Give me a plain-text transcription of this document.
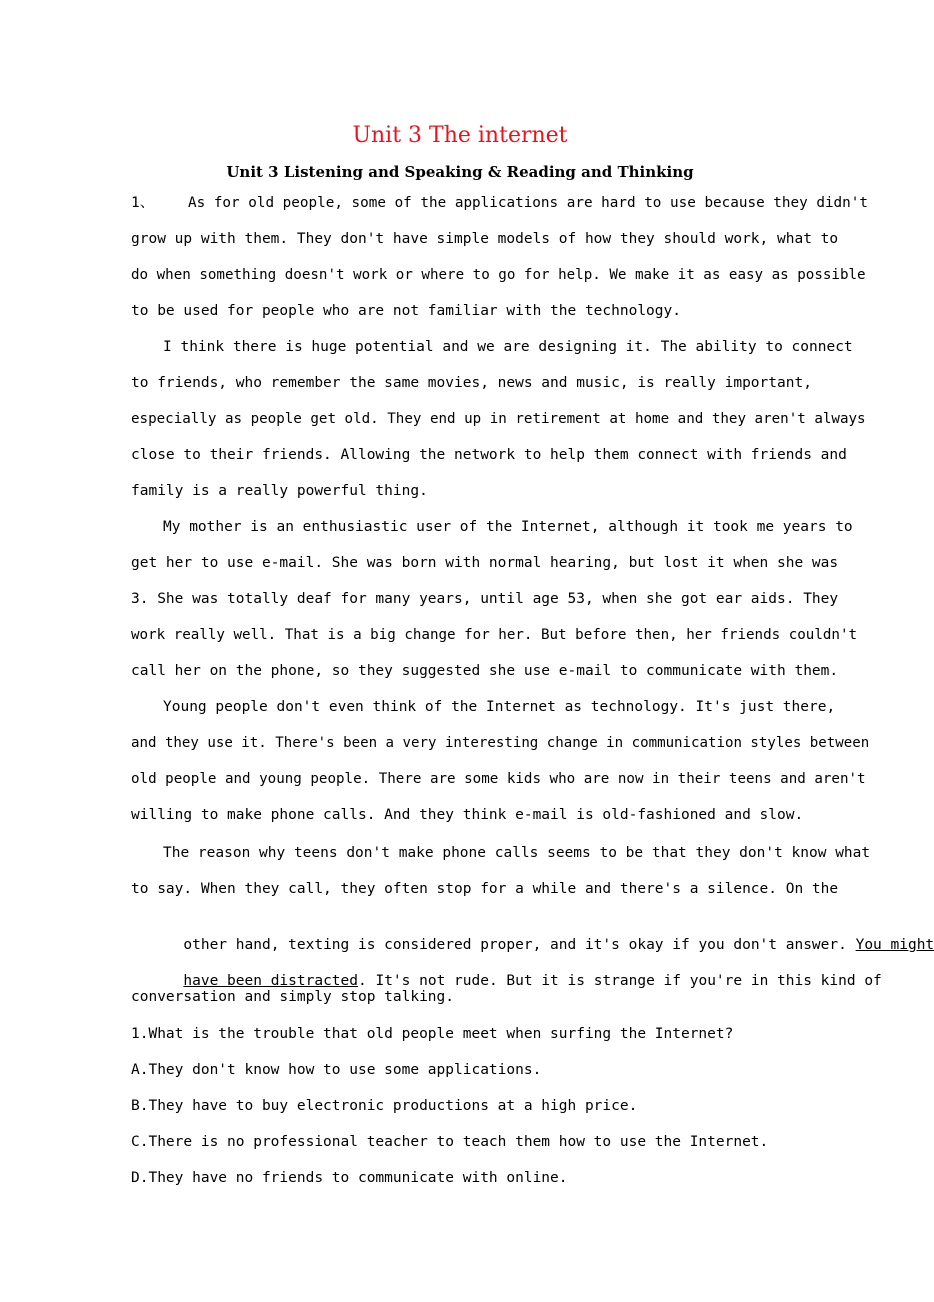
Unit 3 The internet
Unit 3 Listening and Speaking & Reading and Thinking
1、 As for old people, some of the applications are hard to use because they didn't
grow up with them. They don't have simple models of how they should work, what to
do when something doesn't work or where to go for help. We make it as easy as possible
to be used for people who are not familiar with the technology.
I think there is huge potential and we are designing it. The ability to connect
to friends, who remember the same movies, news and music, is really important,
especially as people get old. They end up in retirement at home and they aren't always
close to their friends. Allowing the network to help them connect with friends and
family is a really powerful thing.
My mother is an enthusiastic user of the Internet, although it took me years to
get her to use e-mail. She was born with normal hearing, but lost it when she was
3. She was totally deaf for many years, until age 53, when she got ear aids. They
work really well. That is a big change for her. But before then, her friends couldn't
call her on the phone, so they suggested she use e-mail to communicate with them.
Young people don't even think of the Internet as technology. It's just there,
and they use it. There's been a very interesting change in communication styles between
old people and young people. There are some kids who are now in their teens and aren't
willing to make phone calls. And they think e-mail is old-fashioned and slow.
The reason why teens don't make phone calls seems to be that they don't know what
to say. When they call, they often stop for a while and there's a silence. On the

other hand, texting is considered proper, and it's okay if you don't answer. You might

have been distracted. It's not rude. But it is strange if you're in this kind of

conversation and simply stop talking.
1.What is the trouble that old people meet when surfing the Internet?
A.They don't know how to use some applications.
B.They have to buy electronic productions at a high price.
C.There is no professional teacher to teach them how to use the Internet.
D.They have no friends to communicate with online.
